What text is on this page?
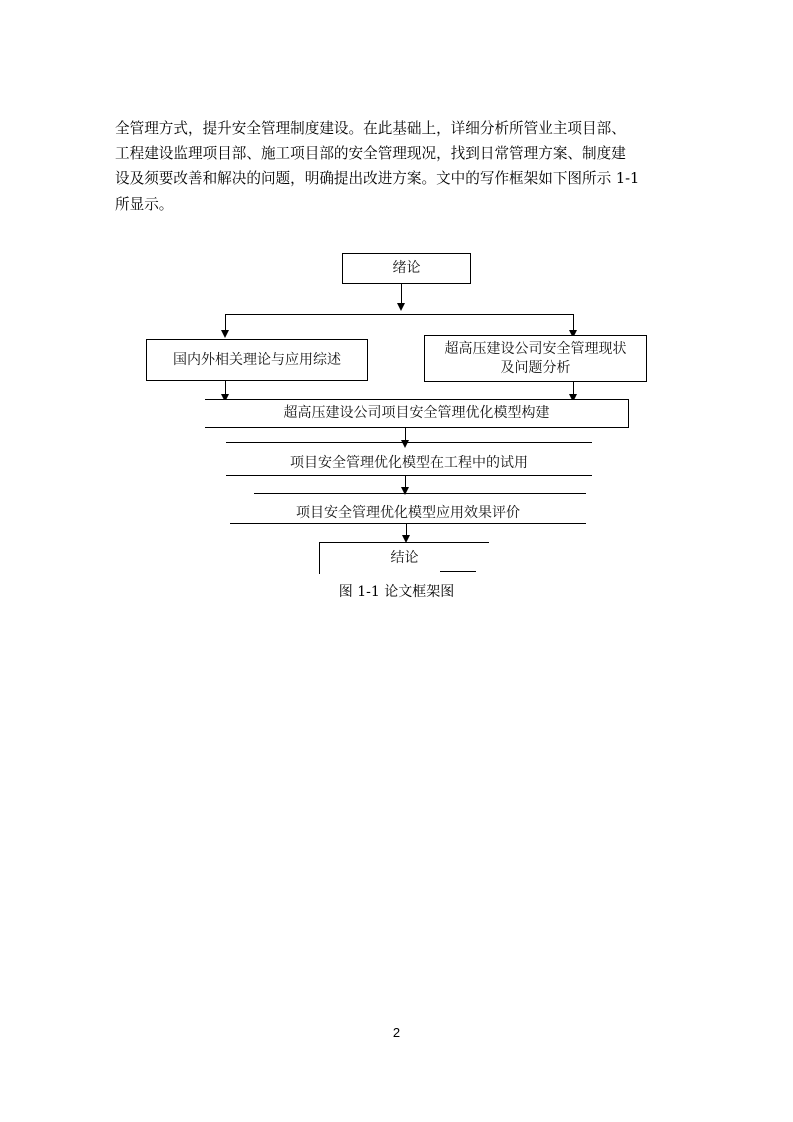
全管理方式，提升安全管理制度建设。在此基础上，详细分析所管业主项目部、
工程建设监理项目部、施工项目部的安全管理现况，找到日常管理方案、制度建
设及须要改善和解决的问题，明确提出改进方案。文中的写作框架如下图所示 1-1
所显示。
绪论
国内外相关理论与应用综述
超高压建设公司安全管理现状
及问题分析
超高压建设公司项目安全管理优化模型构建
项目安全管理优化模型在工程中的试用
项目安全管理优化模型应用效果评价
结论
图 1-1 论文框架图
2
